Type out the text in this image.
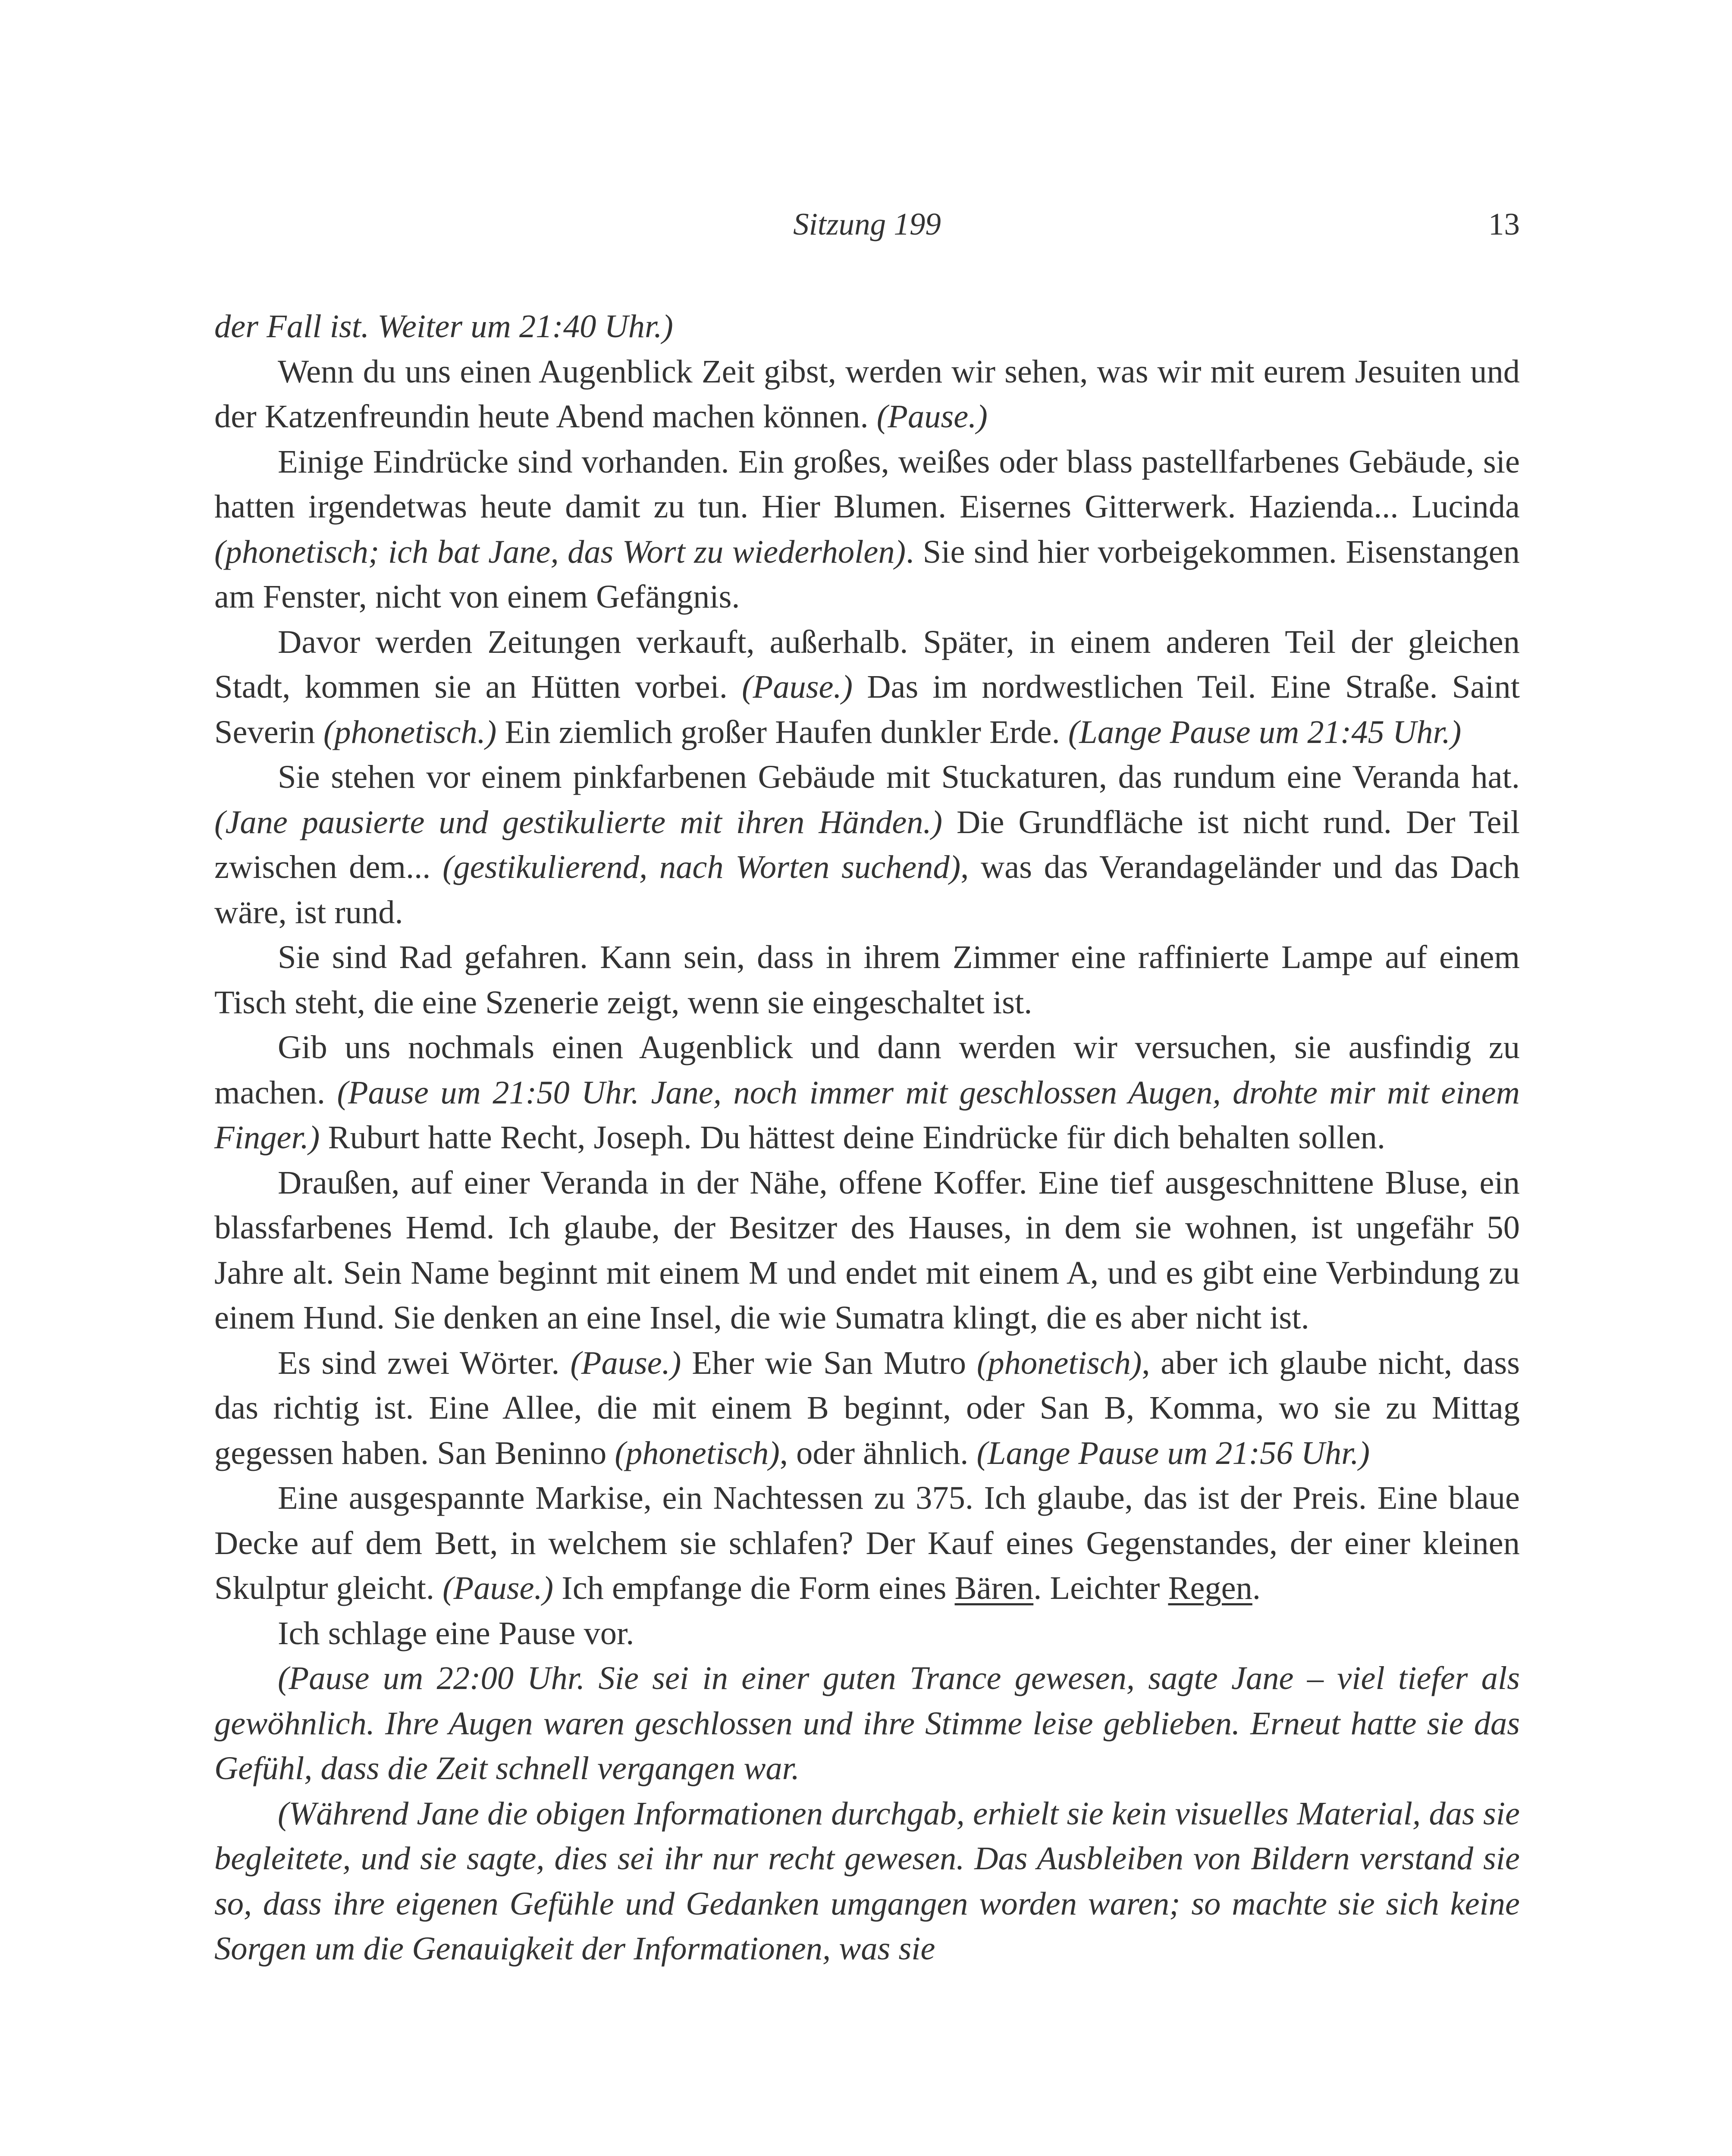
Sitzung 199	13

der Fall ist. Weiter um 21:40 Uhr.)

Wenn du uns einen Augenblick Zeit gibst, werden wir sehen, was wir mit eurem Jesuiten und der Katzenfreundin heute Abend machen können. (Pause.)

Einige Eindrücke sind vorhanden. Ein großes, weißes oder blass pastellfarbenes Gebäude, sie hatten irgendetwas heute damit zu tun. Hier Blumen. Eisernes Gitterwerk. Hazienda... Lucinda (phonetisch; ich bat Jane, das Wort zu wiederholen). Sie sind hier vorbeigekommen. Eisenstangen am Fenster, nicht von einem Gefängnis.

Davor werden Zeitungen verkauft, außerhalb. Später, in einem anderen Teil der gleichen Stadt, kommen sie an Hütten vorbei. (Pause.) Das im nordwestlichen Teil. Eine Straße. Saint Severin (phonetisch.) Ein ziemlich großer Haufen dunkler Erde. (Lange Pause um 21:45 Uhr.)

Sie stehen vor einem pinkfarbenen Gebäude mit Stuckaturen, das rundum eine Veranda hat. (Jane pausierte und gestikulierte mit ihren Händen.) Die Grundfläche ist nicht rund. Der Teil zwischen dem... (gestikulierend, nach Worten suchend), was das Verandageländer und das Dach wäre, ist rund.

Sie sind Rad gefahren. Kann sein, dass in ihrem Zimmer eine raffinierte Lampe auf einem Tisch steht, die eine Szenerie zeigt, wenn sie eingeschaltet ist.

Gib uns nochmals einen Augenblick und dann werden wir versuchen, sie ausfindig zu machen. (Pause um 21:50 Uhr. Jane, noch immer mit geschlossen Augen, drohte mir mit einem Finger.) Ruburt hatte Recht, Joseph. Du hättest deine Eindrücke für dich behalten sollen.

Draußen, auf einer Veranda in der Nähe, offene Koffer. Eine tief ausgeschnittene Bluse, ein blassfarbenes Hemd. Ich glaube, der Besitzer des Hauses, in dem sie wohnen, ist ungefähr 50 Jahre alt. Sein Name beginnt mit einem M und endet mit einem A, und es gibt eine Verbindung zu einem Hund. Sie denken an eine Insel, die wie Sumatra klingt, die es aber nicht ist.

Es sind zwei Wörter. (Pause.) Eher wie San Mutro (phonetisch), aber ich glaube nicht, dass das richtig ist. Eine Allee, die mit einem B beginnt, oder San B, Komma, wo sie zu Mittag gegessen haben. San Beninno (phonetisch), oder ähnlich. (Lange Pause um 21:56 Uhr.)

Eine ausgespannte Markise, ein Nachtessen zu 375. Ich glaube, das ist der Preis. Eine blaue Decke auf dem Bett, in welchem sie schlafen? Der Kauf eines Gegenstandes, der einer kleinen Skulptur gleicht. (Pause.) Ich empfange die Form eines Bären. Leichter Regen.

Ich schlage eine Pause vor.

(Pause um 22:00 Uhr. Sie sei in einer guten Trance gewesen, sagte Jane – viel tiefer als gewöhnlich. Ihre Augen waren geschlossen und ihre Stimme leise geblieben. Erneut hatte sie das Gefühl, dass die Zeit schnell vergangen war.

(Während Jane die obigen Informationen durchgab, erhielt sie kein visuelles Material, das sie begleitete, und sie sagte, dies sei ihr nur recht gewesen. Das Ausbleiben von Bildern verstand sie so, dass ihre eigenen Gefühle und Gedanken umgangen worden waren; so machte sie sich keine Sorgen um die Genauigkeit der Informationen, was sie
